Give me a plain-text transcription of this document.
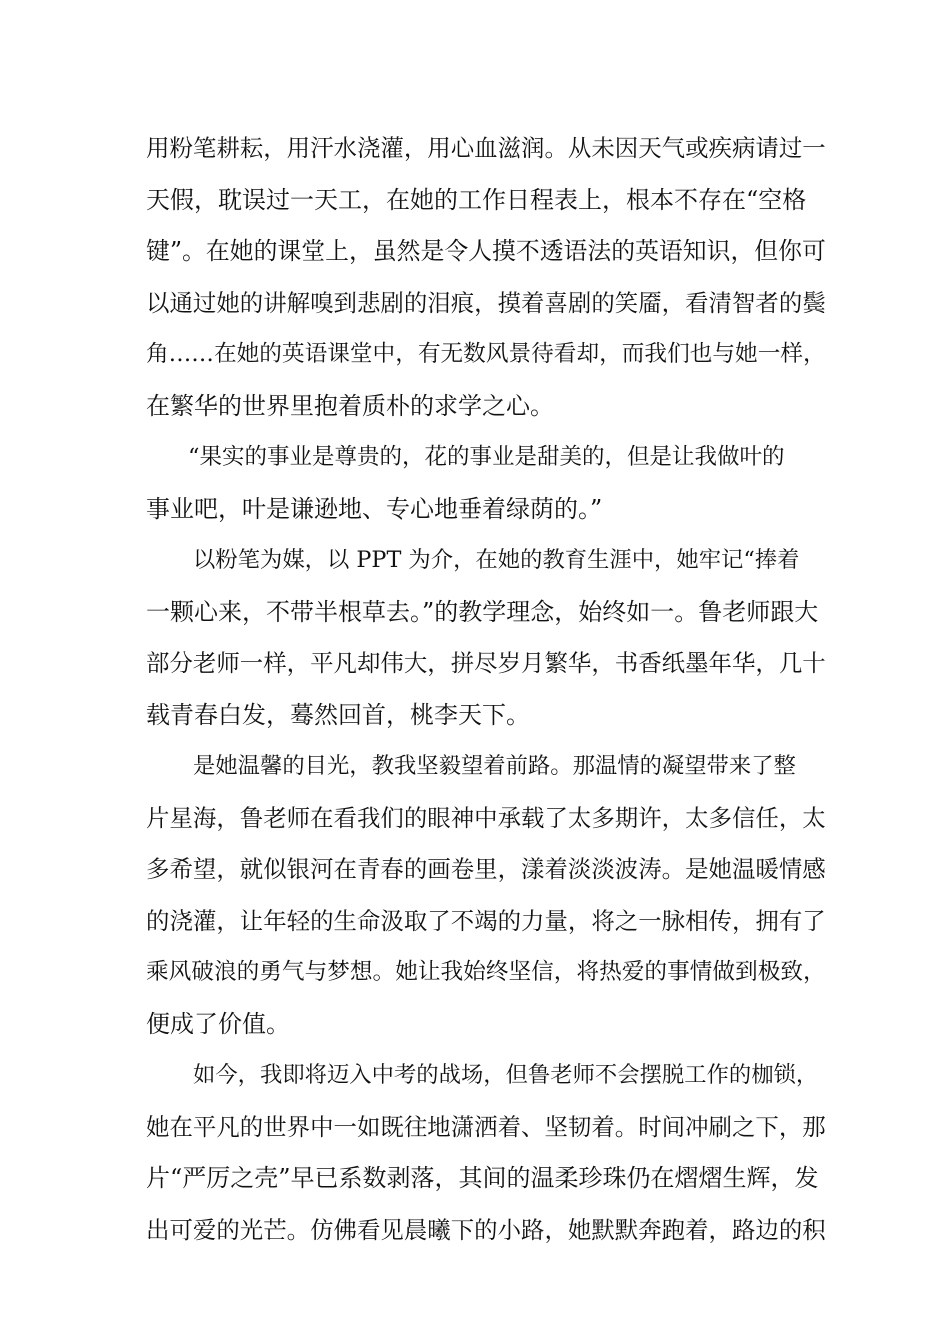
用粉笔耕耘，用汗水浇灌，用心血滋润。从未因天气或疾病请过一
天假，耽误过一天工，在她的工作日程表上，根本不存在“空格
键”。在她的课堂上，虽然是令人摸不透语法的英语知识，但你可
以通过她的讲解嗅到悲剧的泪痕，摸着喜剧的笑靥，看清智者的鬓
角……在她的英语课堂中，有无数风景待看却，而我们也与她一样，
在繁华的世界里抱着质朴的求学之心。
“果实的事业是尊贵的，花的事业是甜美的，但是让我做叶的
事业吧，叶是谦逊地、专心地垂着绿荫的。”
以粉笔为媒，以 PPT 为介，在她的教育生涯中，她牢记“捧着
一颗心来，不带半根草去。”的教学理念，始终如一。鲁老师跟大
部分老师一样，平凡却伟大，拼尽岁月繁华，书香纸墨年华，几十
载青春白发，蓦然回首，桃李天下。
是她温馨的目光，教我坚毅望着前路。那温情的凝望带来了整
片星海，鲁老师在看我们的眼神中承载了太多期许，太多信任，太
多希望，就似银河在青春的画卷里，漾着淡淡波涛。是她温暖情感
的浇灌，让年轻的生命汲取了不竭的力量，将之一脉相传，拥有了
乘风破浪的勇气与梦想。她让我始终坚信，将热爱的事情做到极致，
便成了价值。
如今，我即将迈入中考的战场，但鲁老师不会摆脱工作的枷锁，
她在平凡的世界中一如既往地潇洒着、坚韧着。时间冲刷之下，那
片“严厉之壳”早已系数剥落，其间的温柔珍珠仍在熠熠生辉，发
出可爱的光芒。仿佛看见晨曦下的小路，她默默奔跑着，路边的积
